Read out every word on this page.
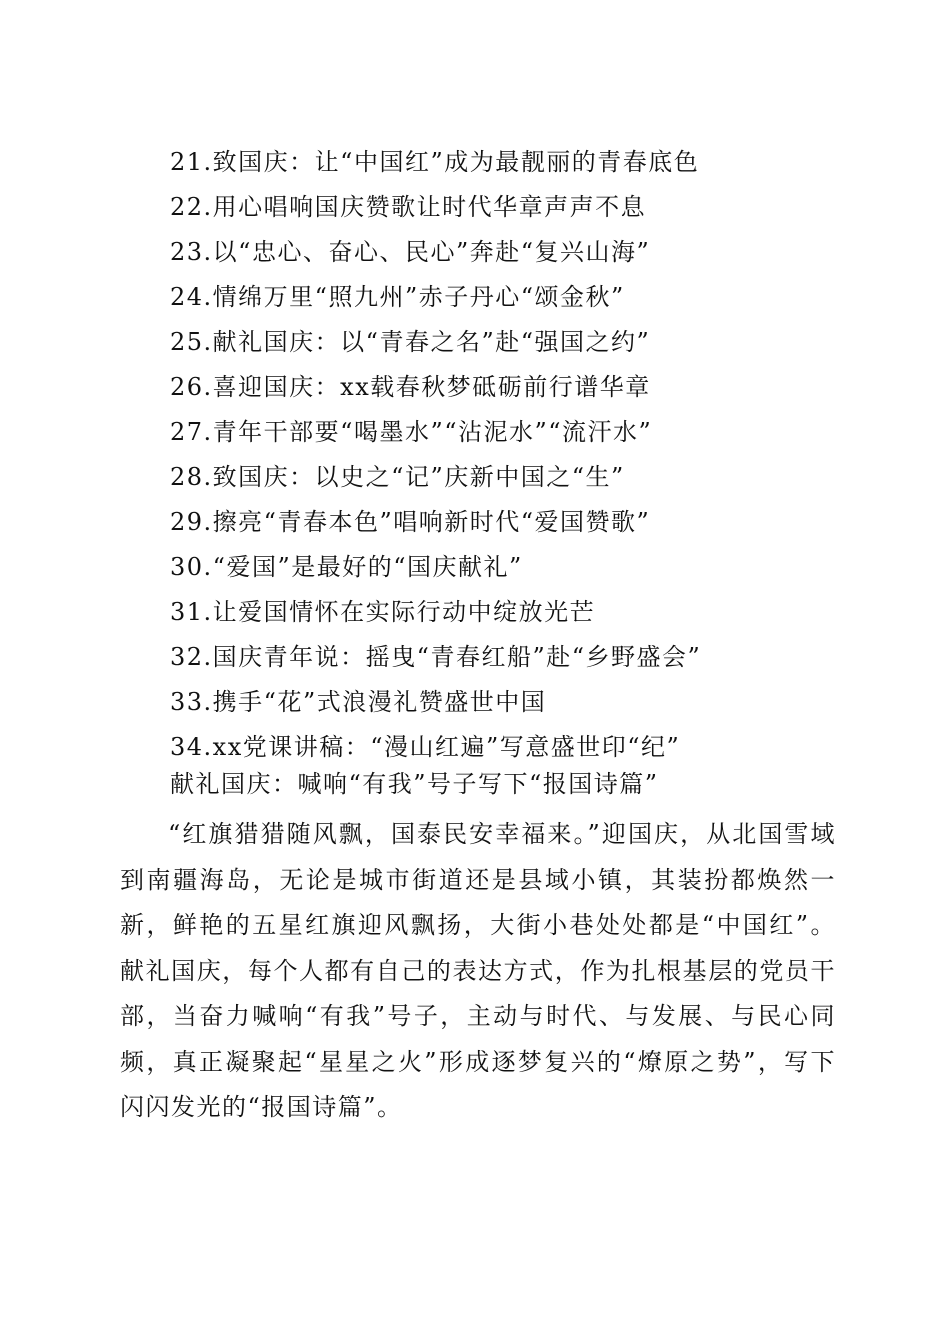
21.致国庆：让“中国红”成为最靓丽的青春底色
22.用心唱响国庆赞歌让时代华章声声不息
23.以“忠心、奋心、民心”奔赴“复兴山海”
24.情绵万里“照九州”赤子丹心“颂金秋”
25.献礼国庆：以“青春之名”赴“强国之约”
26.喜迎国庆：xx载春秋梦砥砺前行谱华章
27.青年干部要“喝墨水”“沾泥水”“流汗水”
28.致国庆：以史之“记”庆新中国之“生”
29.擦亮“青春本色”唱响新时代“爱国赞歌”
30.“爱国”是最好的“国庆献礼”
31.让爱国情怀在实际行动中绽放光芒
32.国庆青年说：摇曳“青春红船”赴“乡野盛会”
33.携手“花”式浪漫礼赞盛世中国
34.xx党课讲稿：“漫山红遍”写意盛世印“纪”
献礼国庆：喊响“有我”号子写下“报国诗篇”

“红旗猎猎随风飘，国泰民安幸福来。”迎国庆，从北国雪域到南疆海岛，无论是城市街道还是县域小镇，其装扮都焕然一新，鲜艳的五星红旗迎风飘扬，大街小巷处处都是“中国红”。献礼国庆，每个人都有自己的表达方式，作为扎根基层的党员干部，当奋力喊响“有我”号子，主动与时代、与发展、与民心同频，真正凝聚起“星星之火”形成逐梦复兴的“燎原之势”，写下闪闪发光的“报国诗篇”。
